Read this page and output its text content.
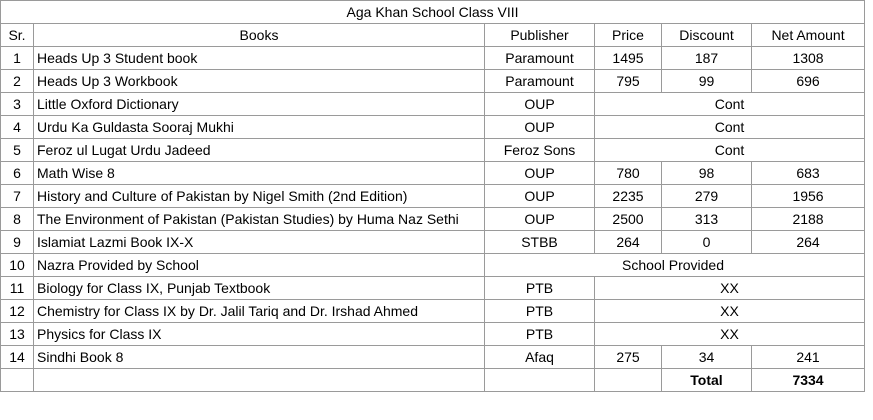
Aga Khan School Class VIII					
Sr.	Books	Publisher	Price	Discount	Net Amount
1	Heads Up 3 Student book	Paramount	1495	187	1308
2	Heads Up 3 Workbook	Paramount	795	99	696
3	Little Oxford Dictionary	OUP	Cont		
4	Urdu Ka Guldasta Sooraj Mukhi	OUP	Cont		
5	Feroz ul Lugat Urdu Jadeed	Feroz Sons	Cont		
6	Math Wise 8	OUP	780	98	683
7	History and Culture of Pakistan by Nigel Smith (2nd Edition)	OUP	2235	279	1956
8	The Environment of Pakistan (Pakistan Studies) by Huma Naz Sethi	OUP	2500	313	2188
9	Islamiat Lazmi Book IX-X	STBB	264	0	264
10	Nazra Provided by School	School Provided			
11	Biology for Class IX, Punjab Textbook	PTB	XX		
12	Chemistry for Class IX by Dr. Jalil Tariq and Dr. Irshad Ahmed	PTB	XX		
13	Physics for Class IX	PTB	XX		
14	Sindhi Book 8	Afaq	275	34	241
				Total	7334
